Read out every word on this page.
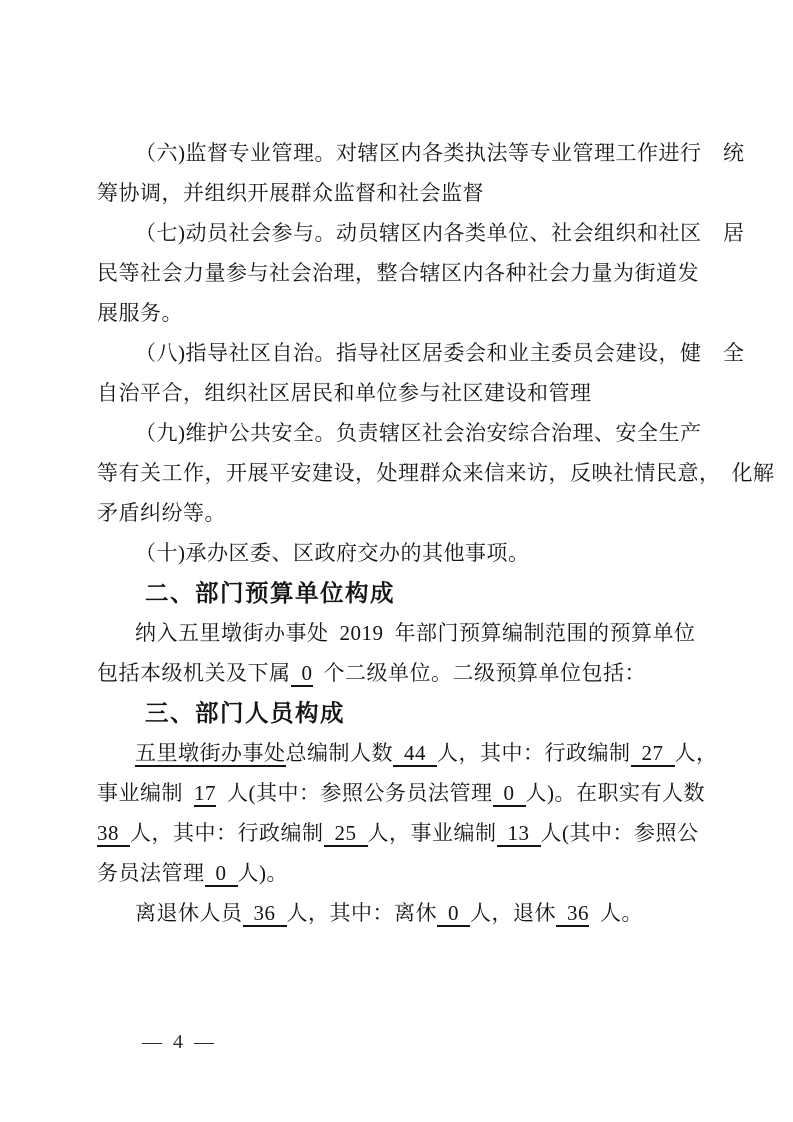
（六)监督专业管理。对辖区内各类执法等专业管理工作进行　统
筹协调，并组织开展群众监督和社会监督
（七)动员社会参与。动员辖区内各类单位、社会组织和社区　居
民等社会力量参与社会治理，整合辖区内各种社会力量为街道发
展服务。
（八)指导社区自治。指导社区居委会和业主委员会建设，健　全
自治平合，组织社区居民和单位参与社区建设和管理
（九)维护公共安全。负责辖区社会治安综合治理、安全生产
等有关工作，开展平安建设，处理群众来信来访，反映社情民意，　化解
矛盾纠纷等。
（十)承办区委、区政府交办的其他事项。
二、部门预算单位构成
纳入五里墩街办事处 2019 年部门预算编制范围的预算单位
包括本级机关及下属 0 个二级单位。二级预算单位包括：
三、部门人员构成
五里墩街办事处总编制人数 44 人，其中：行政编制 27 人，
事业编制 17 人(其中：参照公务员法管理 0 人)。在职实有人数
38 人，其中：行政编制 25 人，事业编制 13 人(其中：参照公
务员法管理 0 人)。
离退休人员 36 人，其中：离休 0 人，退休 36 人。

— 4 —
